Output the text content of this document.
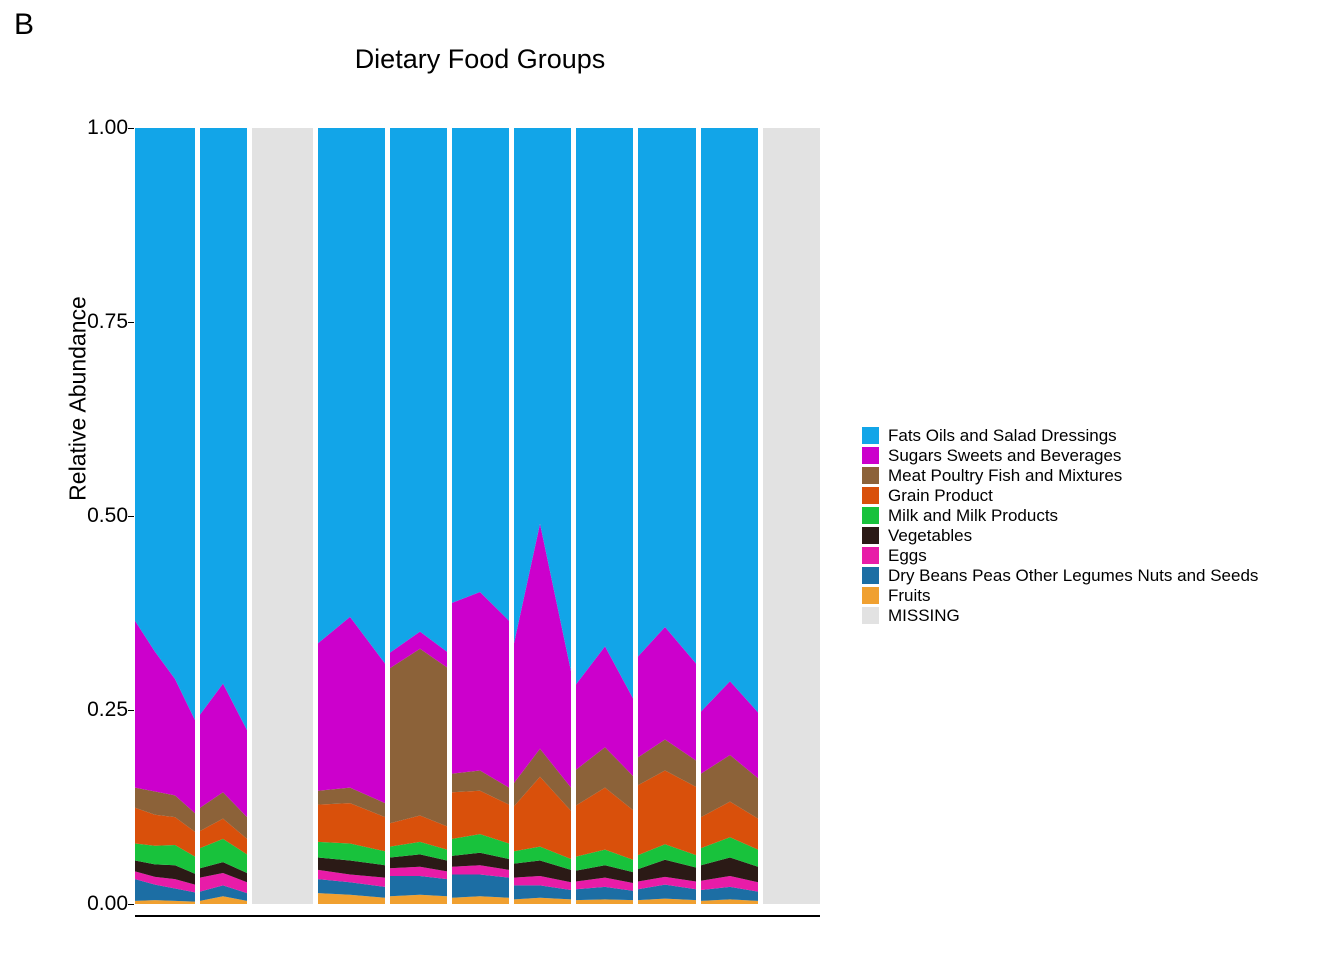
B
Dietary Food Groups
Relative Abundance
0.00
0.25
0.50
0.75
1.00
Fats Oils and Salad Dressings
Sugars Sweets and Beverages
Meat Poultry Fish and Mixtures
Grain Product
Milk and Milk Products
Vegetables
Eggs
Dry Beans Peas Other Legumes Nuts and Seeds
Fruits
MISSING
